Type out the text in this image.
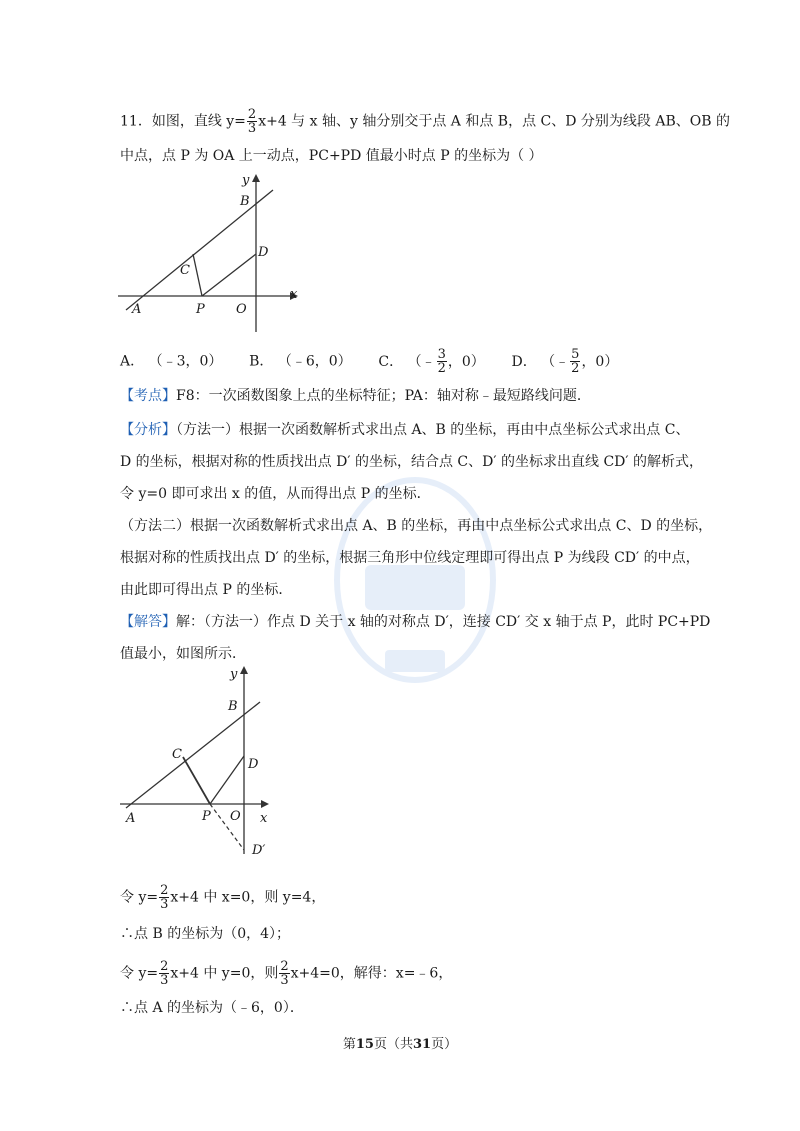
11．如图，直线 $y= \frac{2}{3} x+4$ 与 x 轴、y 轴分别交于点 A 和点 B，点 C、D 分别为线段 AB、OB 的
中点，点 P 为 OA 上一动点，PC+PD 值最小时点 P 的坐标为（ ）
y
B
C
D
x
A	P O
A． （﹣3，0） B． （﹣6，0） C． （﹣ $\frac{3}{2}$ ，0） D． （﹣ $\frac{5}{2}$ ，0）
【考点】F8：一次函数图象上点的坐标特征；PA：轴对称﹣最短路线问题．
【分析】（方法一）根据一次函数解析式求出点 A、B 的坐标，再由中点坐标公式求出点 C、
D 的坐标，根据对称的性质找出点 D′ 的坐标，结合点 C、D′ 的坐标求出直线 CD′ 的解析式，
令 y=0 即可求出 x 的值，从而得出点 P 的坐标．
（方法二）根据一次函数解析式求出点 A、B 的坐标，再由中点坐标公式求出点 C、D 的坐标，
根据对称的性质找出点 D′ 的坐标，根据三角形中位线定理即可得出点 P 为线段 CD′ 的中点，
由此即可得出点 P 的坐标．
【解答】解：（方法一）作点 D 关于 x 轴的对称点 D′，连接 CD′ 交 x 轴于点 P，此时 PC+PD
值最小，如图所示．
y
B
C
D
x
A	P O
D′
令 $y= \frac{2}{3} x+4$ 中 x=0，则 y=4，
∴点 B 的坐标为（0，4）；
令 $y= \frac{2}{3} x+4$ 中 y=0，则 $\frac{2}{3} x+4=0$，解得：x=﹣6，
∴点 A 的坐标为（﹣6，0）．
第15页（共31页）
